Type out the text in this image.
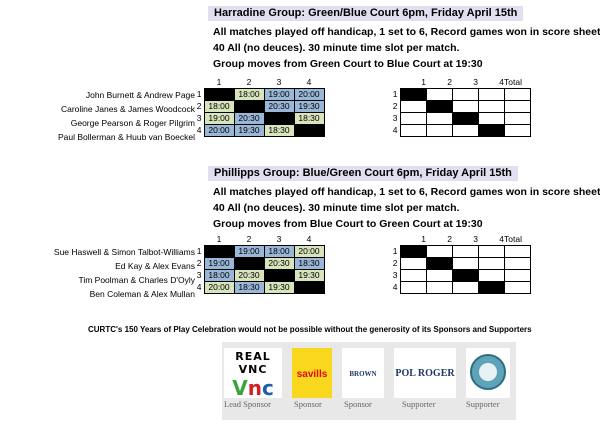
Harradine Group: Green/Blue Court 6pm, Friday April 15th
All matches played off handicap, 1 set to 6, Record games won in score sheet
40 All (no deuces). 30 minute time slot per match.
Group moves from Green Court to Blue Court at 19:30
John Burnett & Andrew Page
Caroline Janes & James Woodcock
George Pearson & Roger Pilgrim
Paul Bollerman & Huub van Boeckel
	1	2	3	4
1		18:00	19:00	20:00
2	18:00		20:30	19:30
3	19:00	20:30		18:30
4	20:00	19:30	18:30	
	1	2	3	4	Total
1					
2					
3					
4					
Phillipps Group: Blue/Green Court 6pm, Friday April 15th
All matches played off handicap, 1 set to 6, Record games won in score sheet
40 All (no deuces). 30 minute time slot per match.
Group moves from Blue Court to Green Court at 19:30
Sue Haswell & Simon Talbot-Williams
Ed Kay & Alex Evans
Tim Poolman & Charles D'Oyly
Ben Coleman & Alex Mullan
	1	2	3	4
1		19:00	18:00	20:00
2	19:00		20:30	18:30
3	18:00	20:30		19:30
4	20:00	18:30	19:30	
	1	2	3	4	Total
1					
2					
3					
4					
CURTC's 150 Years of Play Celebration would not be possible without the generosity of its Sponsors and Supporters
REAL VNC
Vnc
Lead Sponsor
savills
Sponsor
BROWN
Sponsor
POL ROGER
Supporter	Supporter
